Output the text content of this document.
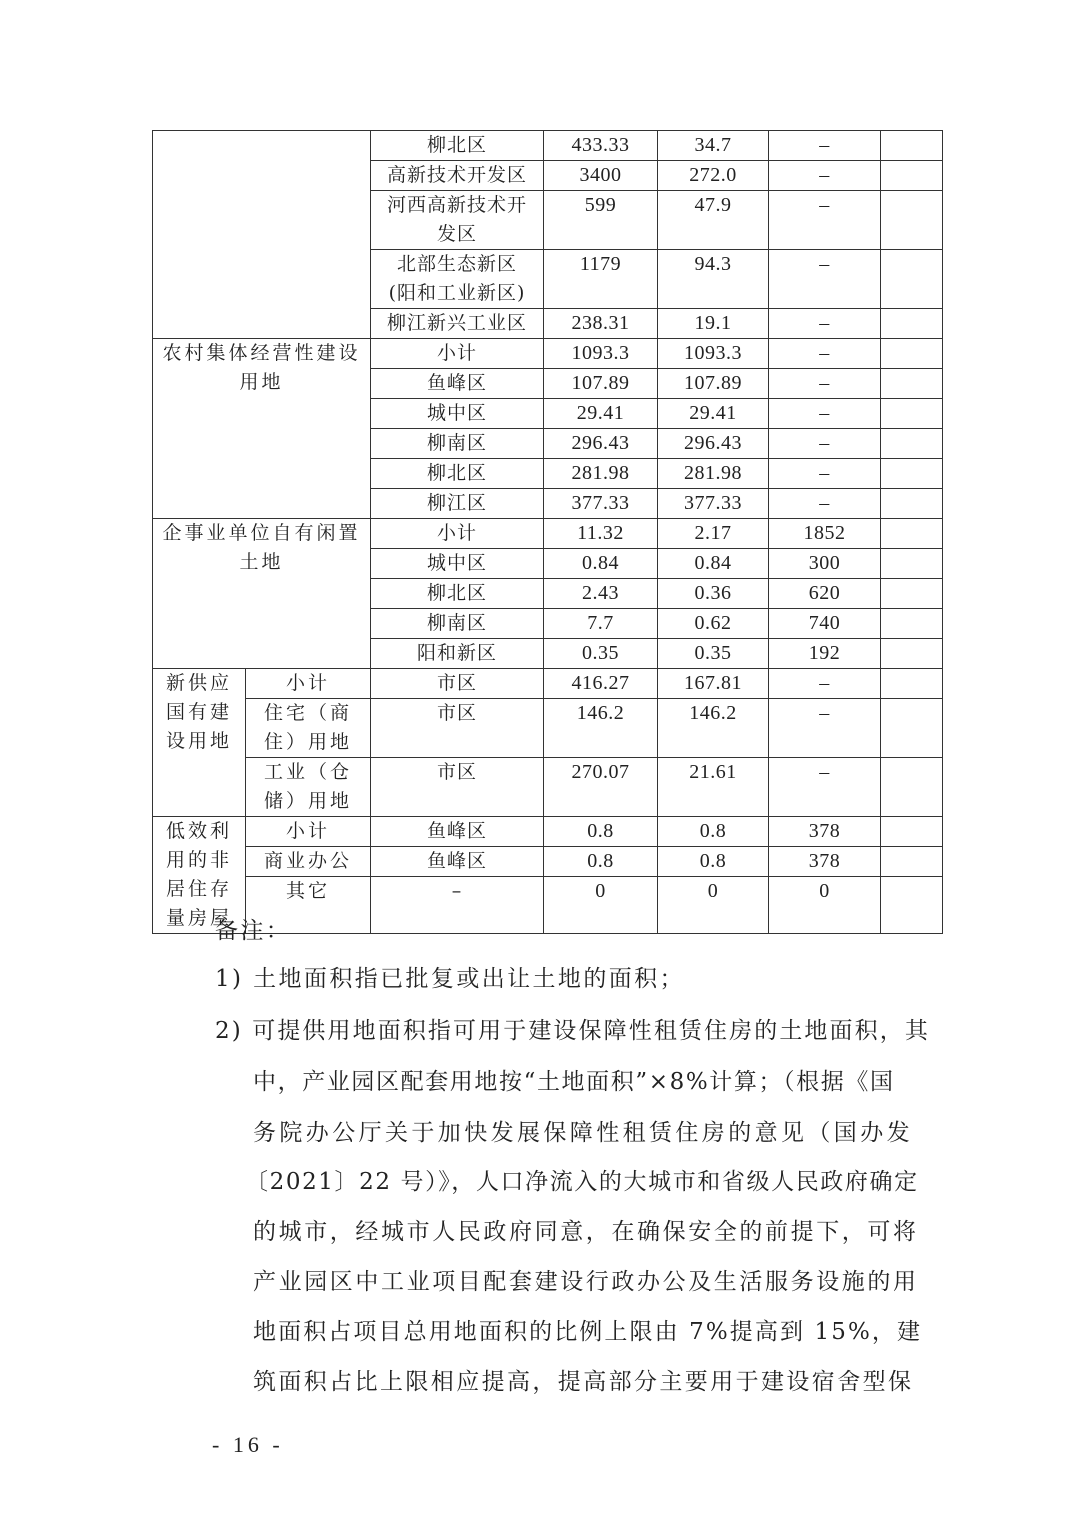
		柳北区	433.33	34.7	–	
		高新技术开发区	3400	272.0	–	
		河西高新技术开发区	599	47.9	–	
		北部生态新区(阳和工业新区)	1179	94.3	–	
		柳江新兴工业区	238.31	19.1	–	
农村集体经营性建设用地		小计	1093.3	1093.3	–	
		鱼峰区	107.89	107.89	–	
		城中区	29.41	29.41	–	
		柳南区	296.43	296.43	–	
		柳北区	281.98	281.98	–	
		柳江区	377.33	377.33	–	
企事业单位自有闲置土地		小计	11.32	2.17	1852	
		城中区	0.84	0.84	300	
		柳北区	2.43	0.36	620	
		柳南区	7.7	0.62	740	
		阳和新区	0.35	0.35	192	
新供应国有建设用地	小计	市区	416.27	167.81	–	
	住宅（商住）用地	市区	146.2	146.2	–	
	工业（仓储）用地	市区	270.07	21.61	–	
低效利用的非居住存量房屋	小计	鱼峰区	0.8	0.8	378	
	商业办公	鱼峰区	0.8	0.8	378	
	其它	–	0	0	0	
备注：
1) 土地面积指已批复或出让土地的面积；
2) 可提供用地面积指可用于建设保障性租赁住房的土地面积，其
中，产业园区配套用地按“土地面积”×8%计算；（根据《国
务院办公厅关于加快发展保障性租赁住房的意见（国办发
〔2021〕22 号）》，人口净流入的大城市和省级人民政府确定
的城市，经城市人民政府同意，在确保安全的前提下，可将
产业园区中工业项目配套建设行政办公及生活服务设施的用
地面积占项目总用地面积的比例上限由 7%提高到 15%，建
筑面积占比上限相应提高，提高部分主要用于建设宿舍型保
- 16 -
